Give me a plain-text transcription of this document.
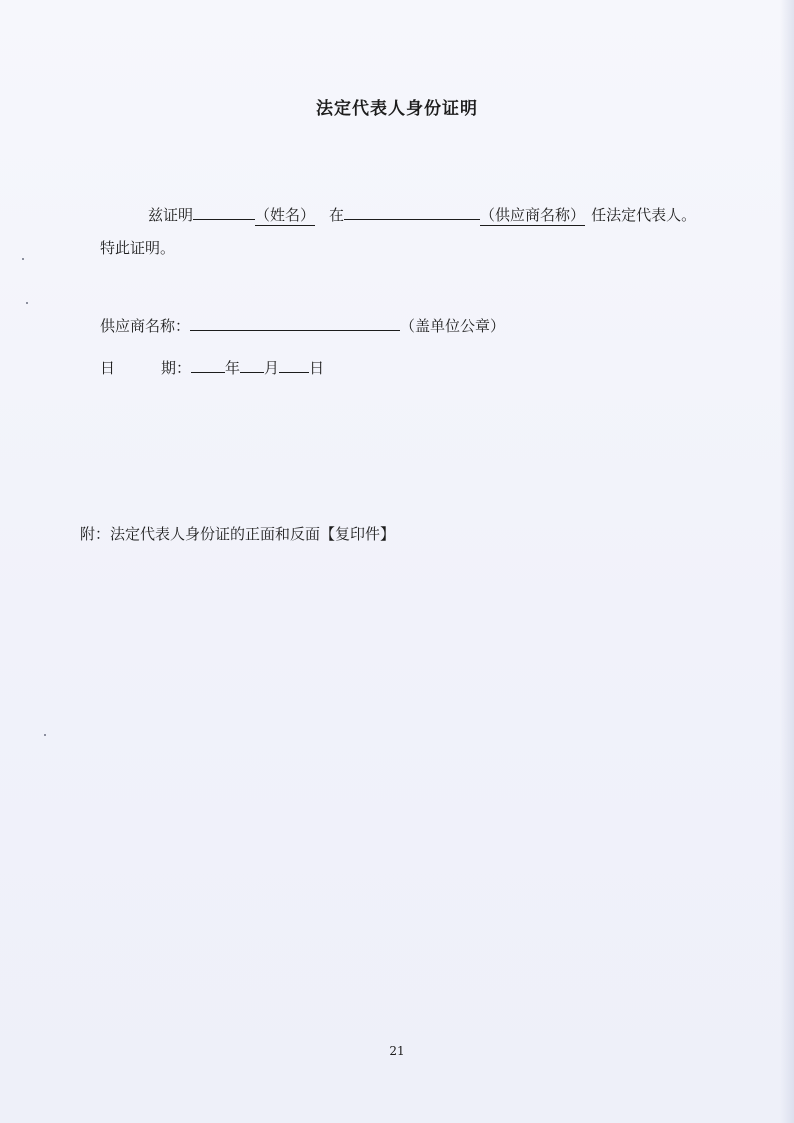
法定代表人身份证明
兹证明	（姓名） 在	（供应商名称） 任法定代表人。
特此证明。
供应商名称：	（盖单位公章）
日	期： 年 月 日
附：法定代表人身份证的正面和反面【复印件】
21
